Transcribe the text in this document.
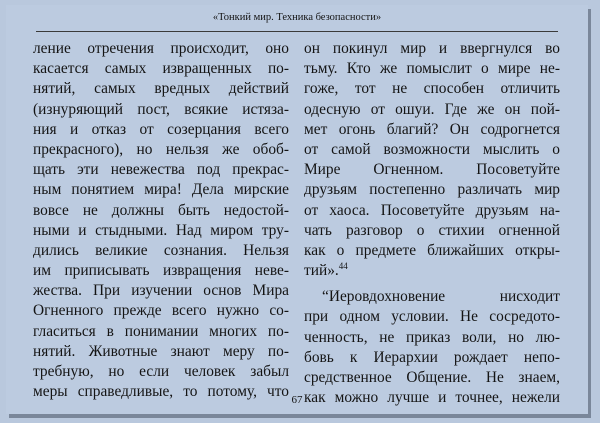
«Тонкий мир. Техника безопасности»
ление отречения происходит, оно
касается самых извращенных по-
нятий, самых вредных действий
(изнуряющий пост, всякие истяза-
ния и отказ от созерцания всего
прекрасного), но нельзя же обоб-
щать эти невежества под прекрас-
ным понятием мира! Дела мирские
вовсе не должны быть недостой-
ными и стыдными. Над миром тру-
дились великие сознания. Нельзя
им приписывать извращения неве-
жества. При изучении основ Мира
Огненного прежде всего нужно со-
гласиться в понимании многих по-
нятий. Животные знают меру по-
требную, но если человек забыл
меры справедливые, то потому, что
он покинул мир и ввергнулся во
тьму. Кто же помыслит о мире не-
гоже, тот не способен отличить
одесную от ошуи. Где же он пой-
мет огонь благий? Он содрогнется
от самой возможности мыслить о
Мире Огненном. Посоветуйте
друзьям постепенно различать мир
от хаоса. Посоветуйте друзьям на-
чать разговор о стихии огненной
как о предмете ближайших откры-
тий».$^{44}$
“Иеровдохновение нисходит
при одном условии. Не сосредото-
ченность, не приказ воли, но лю-
бовь к Иерархии рождает непо-
средственное Общение. Не знаем,
как можно лучше и точнее, нежели
67
